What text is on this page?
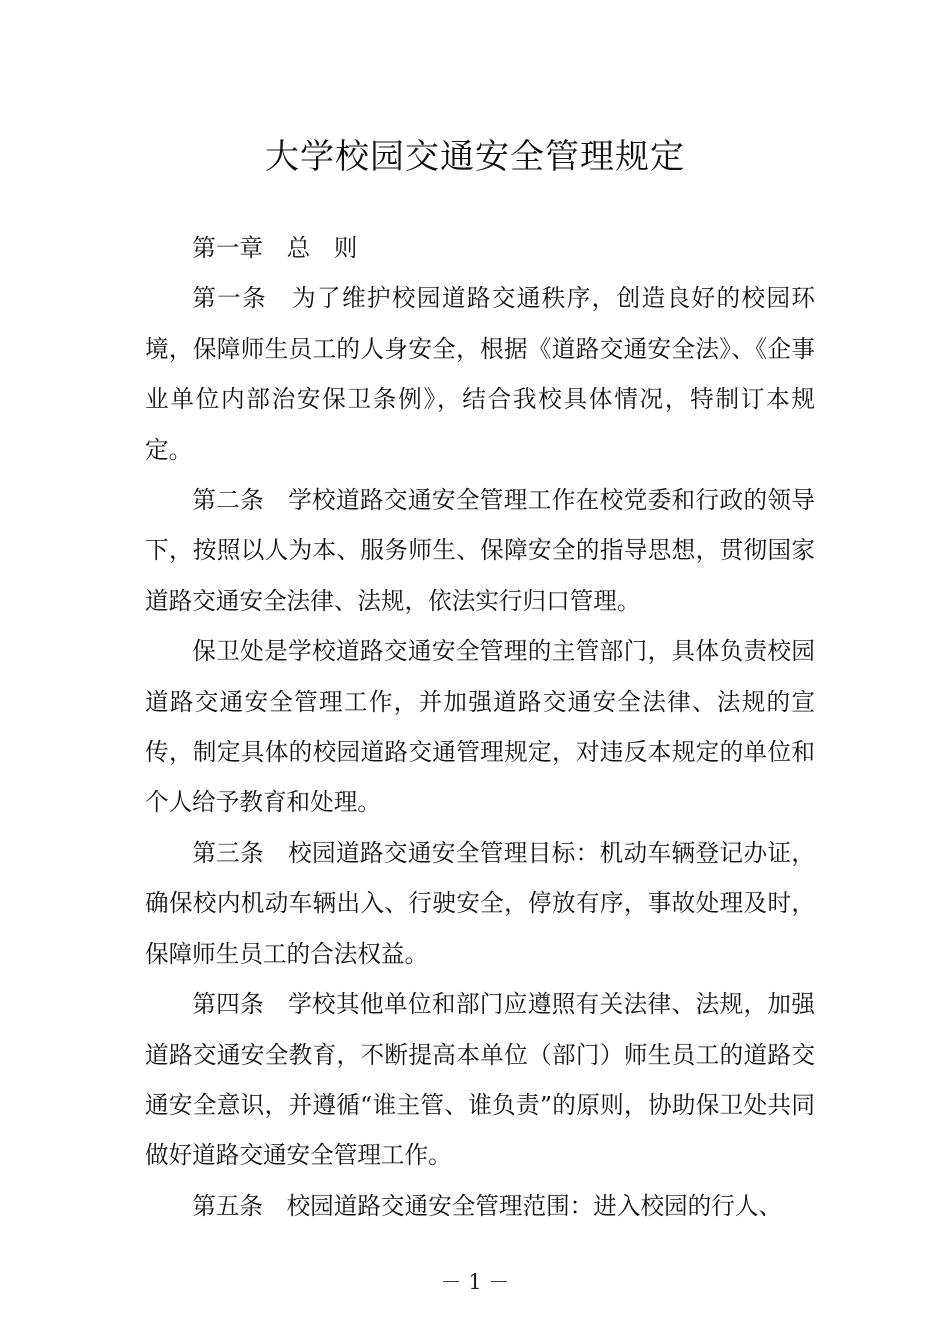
大学校园交通安全管理规定

第一章 总　则

第一条 为了维护校园道路交通秩序，创造良好的校园环境，保障师生员工的人身安全，根据《道路交通安全法》、《企事业单位内部治安保卫条例》，结合我校具体情况，特制订本规定。

第二条 学校道路交通安全管理工作在校党委和行政的领导下，按照以人为本、服务师生、保障安全的指导思想，贯彻国家道路交通安全法律、法规，依法实行归口管理。

保卫处是学校道路交通安全管理的主管部门，具体负责校园道路交通安全管理工作，并加强道路交通安全法律、法规的宣传，制定具体的校园道路交通管理规定，对违反本规定的单位和个人给予教育和处理。

第三条 校园道路交通安全管理目标：机动车辆登记办证，确保校内机动车辆出入、行驶安全，停放有序，事故处理及时，保障师生员工的合法权益。

第四条 学校其他单位和部门应遵照有关法律、法规，加强道路交通安全教育，不断提高本单位（部门）师生员工的道路交通安全意识，并遵循“谁主管、谁负责”的原则，协助保卫处共同做好道路交通安全管理工作。

第五条 校园道路交通安全管理范围：进入校园的行人、

－ 1 －
